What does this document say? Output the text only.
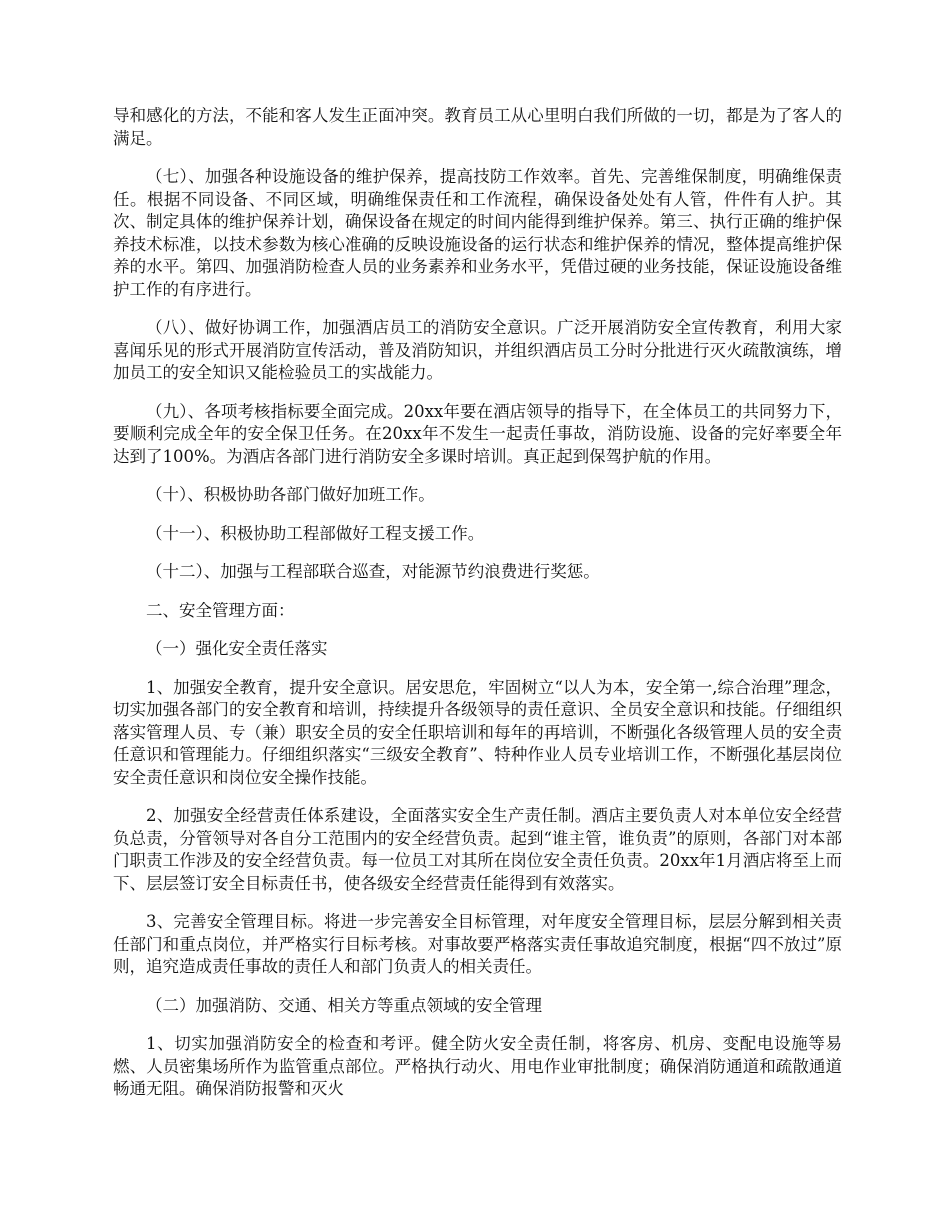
导和感化的方法，不能和客人发生正面冲突。教育员工从心里明白我们所做的一切，都是为了客人的满足。

（七）、加强各种设施设备的维护保养，提高技防工作效率。首先、完善维保制度，明确维保责任。根据不同设备、不同区域，明确维保责任和工作流程，确保设备处处有人管，件件有人护。其次、制定具体的维护保养计划，确保设备在规定的时间内能得到维护保养。第三、执行正确的维护保养技术标准，以技术参数为核心准确的反映设施设备的运行状态和维护保养的情况，整体提高维护保养的水平。第四、加强消防检查人员的业务素养和业务水平，凭借过硬的业务技能，保证设施设备维护工作的有序进行。

（八）、做好协调工作，加强酒店员工的消防安全意识。广泛开展消防安全宣传教育，利用大家喜闻乐见的形式开展消防宣传活动，普及消防知识，并组织酒店员工分时分批进行灭火疏散演练，增加员工的安全知识又能检验员工的实战能力。

（九）、各项考核指标要全面完成。20xx年要在酒店领导的指导下，在全体员工的共同努力下，要顺利完成全年的安全保卫任务。在20xx年不发生一起责任事故，消防设施、设备的完好率要全年达到了100%。为酒店各部门进行消防安全多课时培训。真正起到保驾护航的作用。

（十）、积极协助各部门做好加班工作。

（十一）、积极协助工程部做好工程支援工作。

（十二）、加强与工程部联合巡查，对能源节约浪费进行奖惩。

二、安全管理方面：

（一）强化安全责任落实

1、加强安全教育，提升安全意识。居安思危，牢固树立“以人为本，安全第一,综合治理”理念，切实加强各部门的安全教育和培训，持续提升各级领导的责任意识、全员安全意识和技能。仔细组织落实管理人员、专（兼）职安全员的安全任职培训和每年的再培训，不断强化各级管理人员的安全责任意识和管理能力。仔细组织落实“三级安全教育”、特种作业人员专业培训工作，不断强化基层岗位安全责任意识和岗位安全操作技能。

2、加强安全经营责任体系建设，全面落实安全生产责任制。酒店主要负责人对本单位安全经营负总责，分管领导对各自分工范围内的安全经营负责。起到“谁主管，谁负责”的原则，各部门对本部门职责工作涉及的安全经营负责。每一位员工对其所在岗位安全责任负责。20xx年1月酒店将至上而下、层层签订安全目标责任书，使各级安全经营责任能得到有效落实。

3、完善安全管理目标。将进一步完善安全目标管理，对年度安全管理目标，层层分解到相关责任部门和重点岗位，并严格实行目标考核。对事故要严格落实责任事故追究制度，根据“四不放过”原则，追究造成责任事故的责任人和部门负责人的相关责任。

（二）加强消防、交通、相关方等重点领域的安全管理

1、切实加强消防安全的检查和考评。健全防火安全责任制，将客房、机房、变配电设施等易燃、人员密集场所作为监管重点部位。严格执行动火、用电作业审批制度；确保消防通道和疏散通道畅通无阻。确保消防报警和灭火
